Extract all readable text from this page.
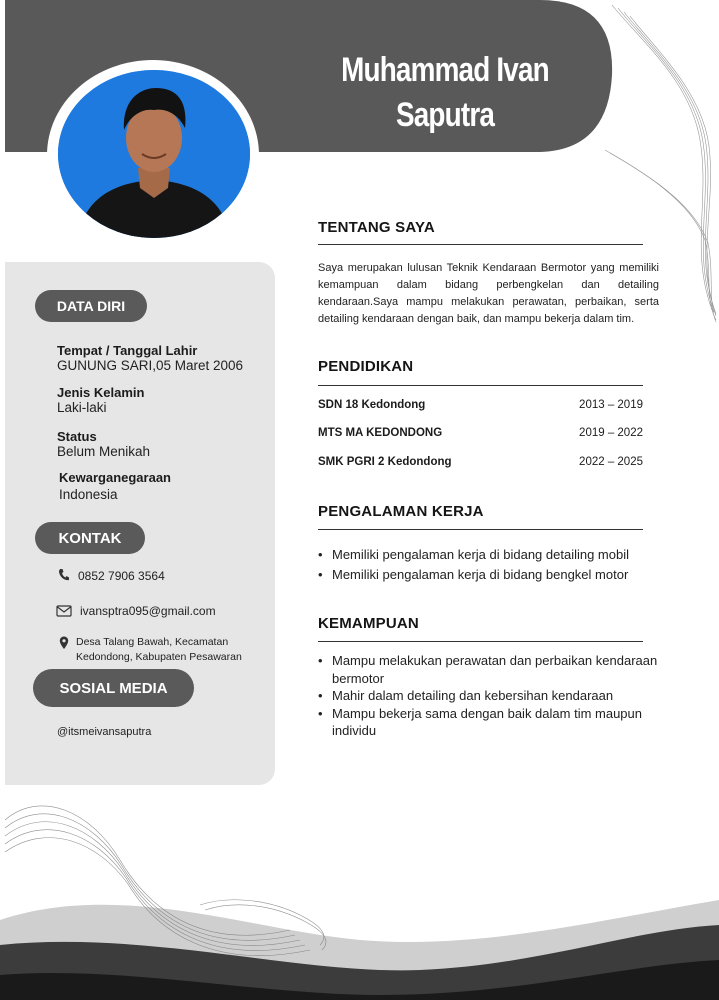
Muhammad Ivan
Saputra
DATA DIRI
Tempat / Tanggal Lahir
GUNUNG SARI,05 Maret 2006
Jenis Kelamin
Laki-laki
Status
Belum Menikah
Kewarganegaraan
Indonesia
KONTAK
0852 7906 3564
ivansptra095@gmail.com
Desa Talang Bawah, Kecamatan
Kedondong, Kabupaten Pesawaran
SOSIAL MEDIA
@itsmeivansaputra
TENTANG SAYA
Saya merupakan lulusan Teknik Kendaraan Bermotor yang memiliki kemampuan dalam bidang perbengkelan dan detailing kendaraan.Saya mampu melakukan perawatan, perbaikan, serta detailing kendaraan dengan baik, dan mampu bekerja dalam tim.
PENDIDIKAN
SDN 18 Kedondong	2013 – 2019
MTS MA KEDONDONG	2019 – 2022
SMK PGRI 2 Kedondong	2022 – 2025
PENGALAMAN KERJA
• Memiliki pengalaman kerja di bidang detailing mobil
• Memiliki pengalaman kerja di bidang bengkel motor
KEMAMPUAN
• Mampu melakukan perawatan dan perbaikan kendaraan bermotor
• Mahir dalam detailing dan kebersihan kendaraan
• Mampu bekerja sama dengan baik dalam tim maupun individu
